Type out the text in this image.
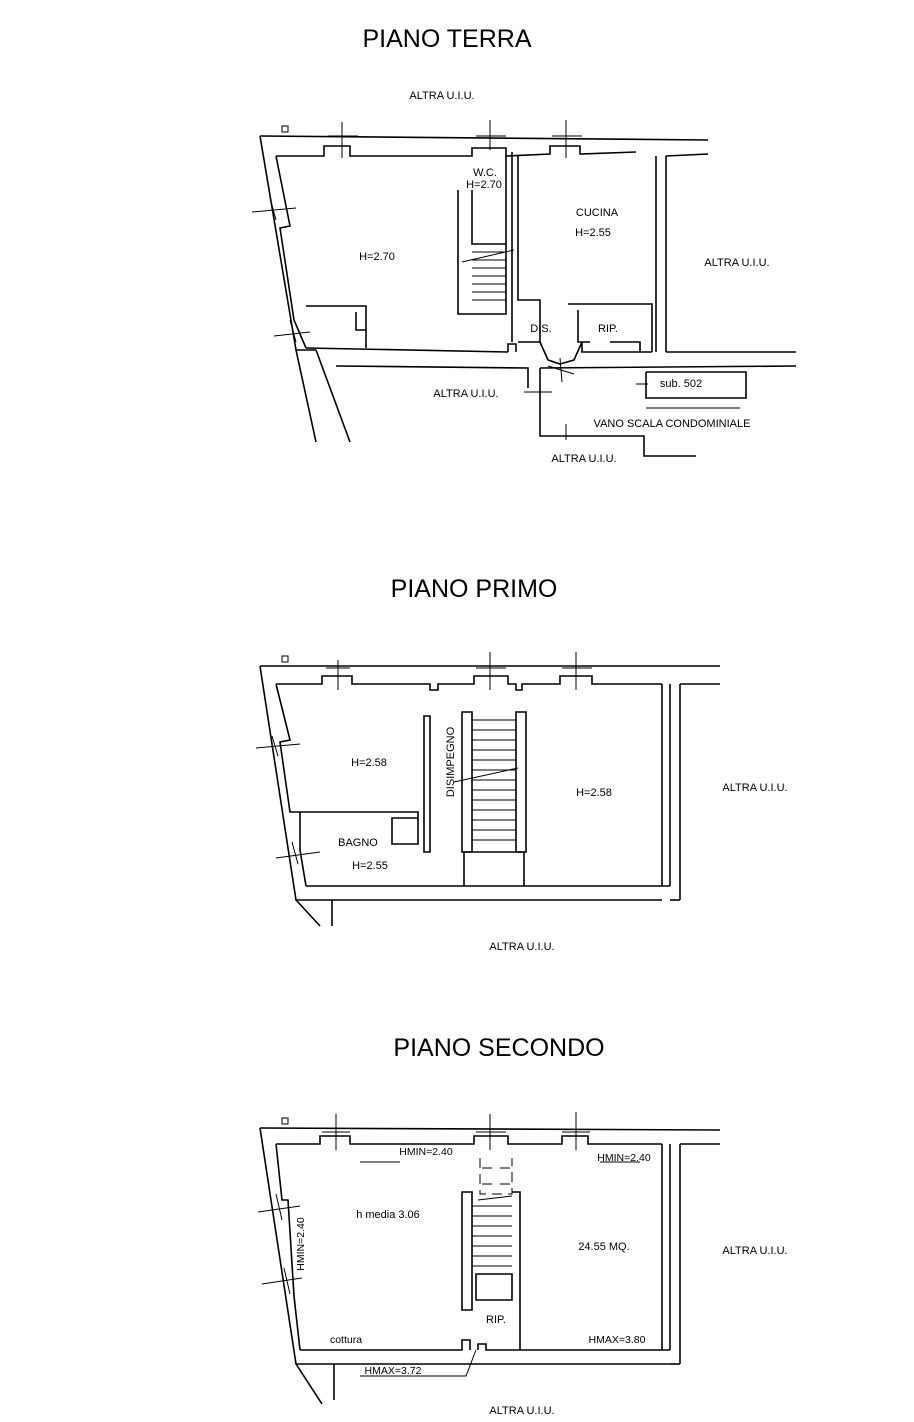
PIANO TERRA
ALTRA U.I.U.
W.C.
H=2.70
CUCINA
H=2.55
H=2.70	ALTRA U.I.U.
DIS.	RIP.
sub. 502
ALTRA U.I.U.
VANO SCALA CONDOMINIALE
ALTRA U.I.U.
PIANO PRIMO
H=2.58	DISIMPEGNO	H=2.58	ALTRA U.I.U.
BAGNO
H=2.55
ALTRA U.I.U.
PIANO SECONDO
HMIN=2.40	HMIN=2.40
HMIN=2.40
h media 3.06
24.55 MQ.	ALTRA U.I.U.
RIP.
cottura	HMAX=3.80
HMAX=3.72
ALTRA U.I.U.
